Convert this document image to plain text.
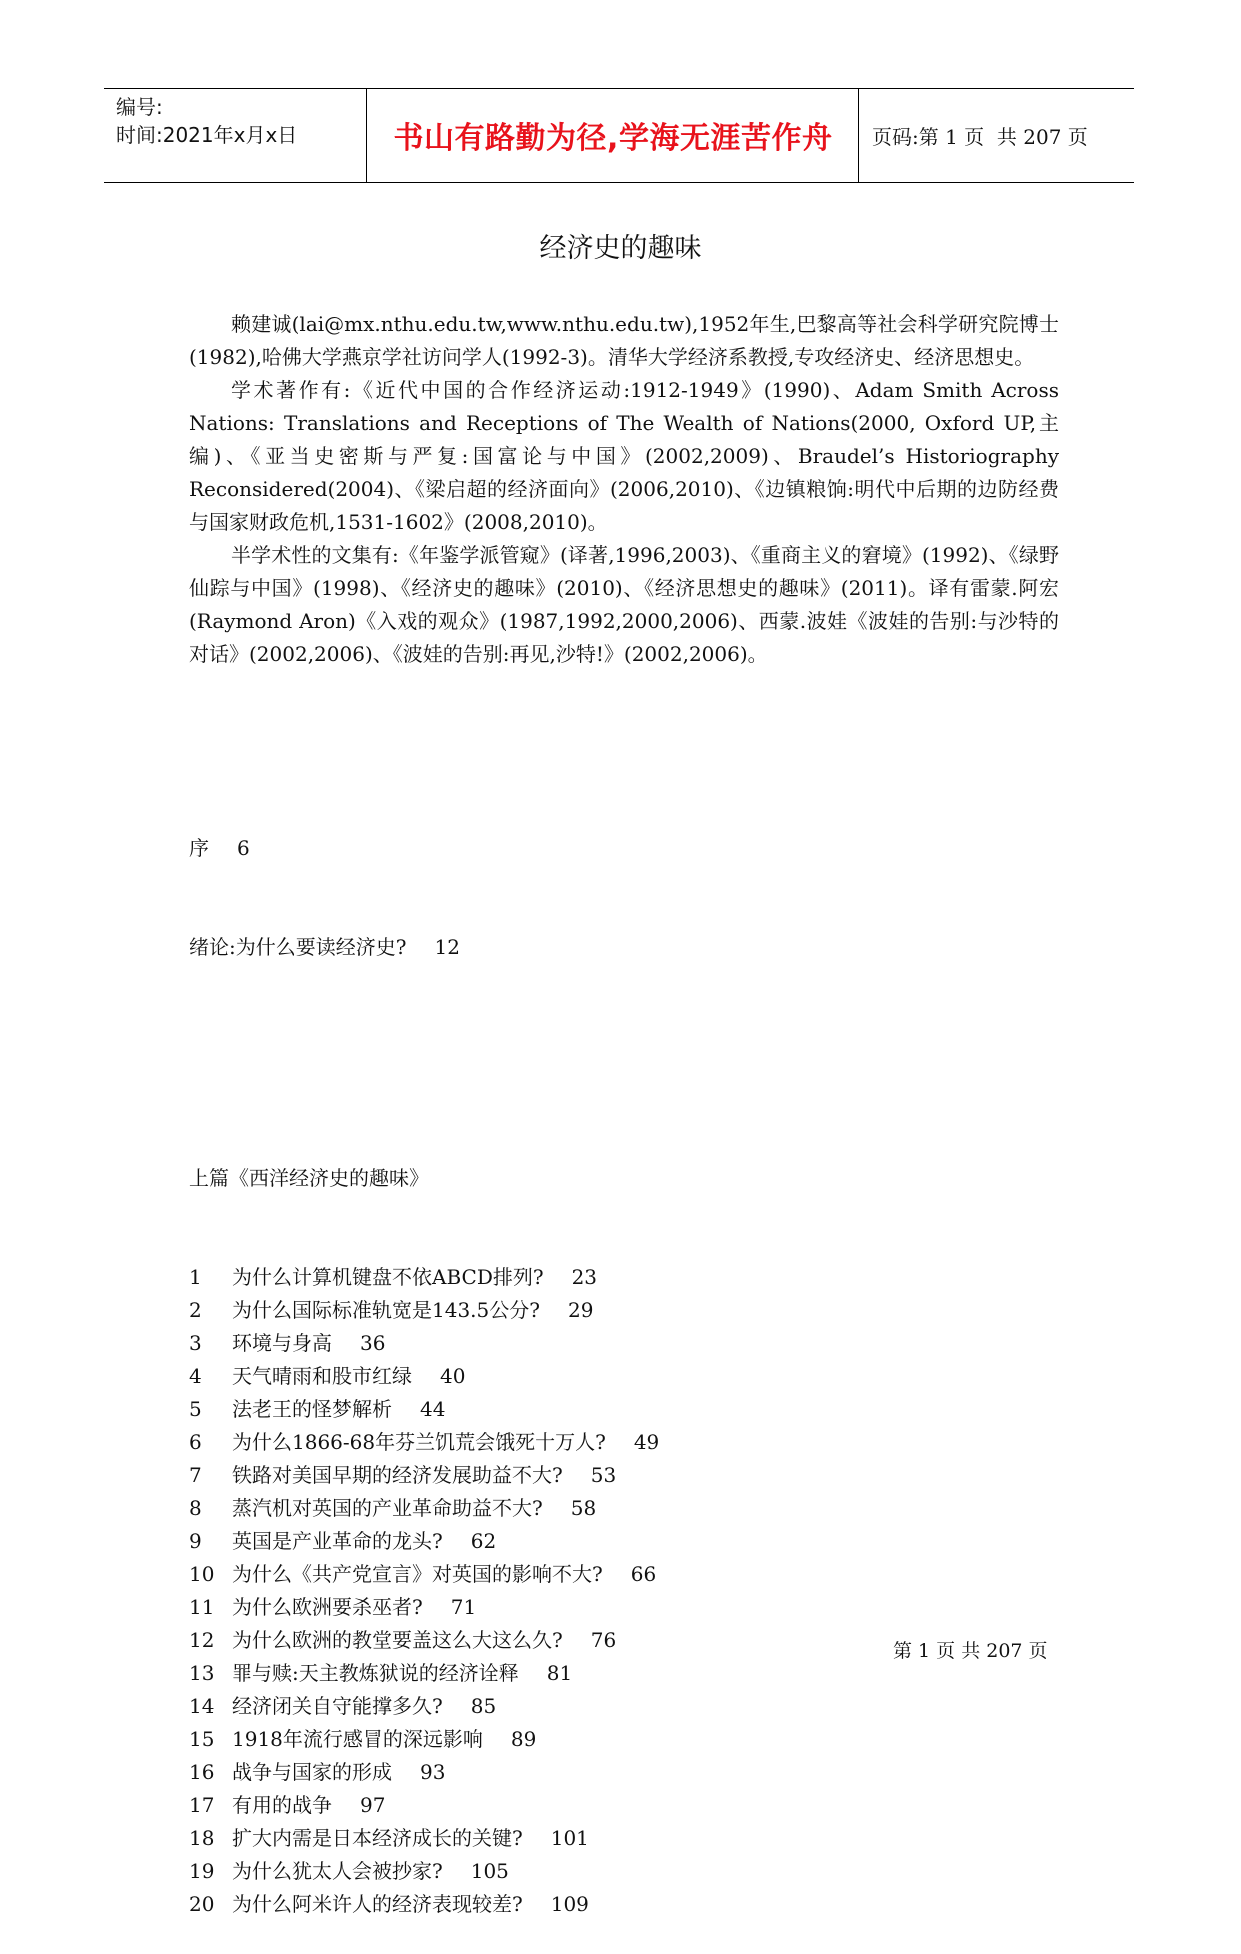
编号:
时间:2021年x月x日	书山有路勤为径,学海无涯苦作舟	页码:第 1 页  共 207 页
经济史的趣味

赖建诚(lai@mx.nthu.edu.tw,www.nthu.edu.tw),1952年生,巴黎高等社会科学研究院博士(1982),哈佛大学燕京学社访问学人(1992-3)。清华大学经济系教授,专攻经济史、经济思想史。

学术著作有:《近代中国的合作经济运动:1912-1949》(1990)、Adam Smith Across Nations: Translations and Receptions of The Wealth of Nations(2000, Oxford UP,主编)、《亚当史密斯与严复:国富论与中国》(2002,2009)、Braudel’s Historiography Reconsidered(2004)、《梁启超的经济面向》(2006,2010)、《边镇粮饷:明代中后期的边防经费与国家财政危机,1531-1602》(2008,2010)。

半学术性的文集有:《年鉴学派管窥》(译著,1996,2003)、《重商主义的窘境》(1992)、《绿野仙踪与中国》(1998)、《经济史的趣味》(2010)、《经济思想史的趣味》(2011)。译有雷蒙.阿宏(Raymond Aron)《入戏的观众》(1987,1992,2000,2006)、西蒙.波娃《波娃的告别:与沙特的对话》(2002,2006)、《波娃的告别:再见,沙特!》(2002,2006)。

序 6

绪论:为什么要读经济史? 12

上篇《西洋经济史的趣味》

1 为什么计算机键盘不依ABCD排列? 23
2 为什么国际标准轨宽是143.5公分? 29
3 环境与身高 36
4 天气晴雨和股市红绿 40
5 法老王的怪梦解析 44
6 为什么1866-68年芬兰饥荒会饿死十万人? 49
7 铁路对美国早期的经济发展助益不大? 53
8 蒸汽机对英国的产业革命助益不大? 58
9 英国是产业革命的龙头? 62
10 为什么《共产党宣言》对英国的影响不大? 66
11 为什么欧洲要杀巫者? 71
12 为什么欧洲的教堂要盖这么大这么久? 76
13 罪与赎:天主教炼狱说的经济诠释 81
14 经济闭关自守能撑多久? 85
15 1918年流行感冒的深远影响 89
16 战争与国家的形成 93
17 有用的战争 97
18 扩大内需是日本经济成长的关键? 101
19 为什么犹太人会被抄家? 105
20 为什么阿米许人的经济表现较差? 109

第 1 页 共 207 页
